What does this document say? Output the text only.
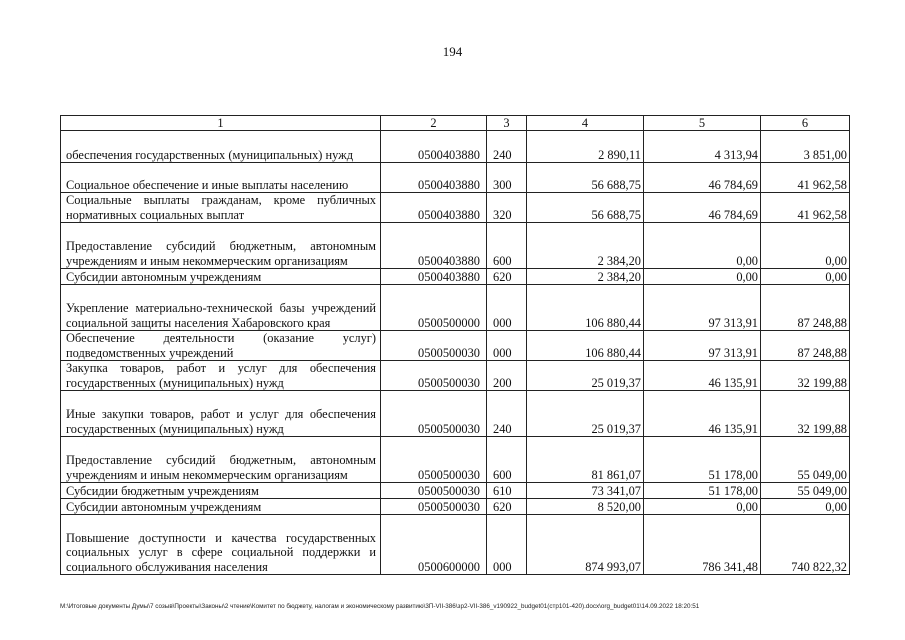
194
1	2	3	4	5	6
обеспечения государственных (муниципальных) нужд	0500403880	240	2 890,11	4 313,94	3 851,00
Социальное обеспечение и иные выплаты населению	0500403880	300	56 688,75	46 784,69	41 962,58
Социальные выплаты гражданам, кроме публичных нормативных социальных выплат	0500403880	320	56 688,75	46 784,69	41 962,58
Предоставление субсидий бюджетным, автономным учреждениям и иным некоммерческим организациям	0500403880	600	2 384,20	0,00	0,00
Субсидии автономным учреждениям	0500403880	620	2 384,20	0,00	0,00
Укрепление материально-технической базы учреждений социальной защиты населения Хабаровского края	0500500000	000	106 880,44	97 313,91	87 248,88
Обеспечение деятельности (оказание услуг) подведомственных учреждений	0500500030	000	106 880,44	97 313,91	87 248,88
Закупка товаров, работ и услуг для обеспечения государственных (муниципальных) нужд	0500500030	200	25 019,37	46 135,91	32 199,88
Иные закупки товаров, работ и услуг для обеспечения государственных (муниципальных) нужд	0500500030	240	25 019,37	46 135,91	32 199,88
Предоставление субсидий бюджетным, автономным учреждениям и иным некоммерческим организациям	0500500030	600	81 861,07	51 178,00	55 049,00
Субсидии бюджетным учреждениям	0500500030	610	73 341,07	51 178,00	55 049,00
Субсидии автономным учреждениям	0500500030	620	8 520,00	0,00	0,00
Повышение доступности и качества государственных социальных услуг в сфере социальной поддержки и социального обслуживания населения	0500600000	000	874 993,07	786 341,48	740 822,32
M:\Итоговые документы Думы\7 созыв\Проекты\Законы\2 чтение\Комитет по бюджету, налогам и экономическому развитию\3П-VII-386\зр2-VII-386_v190922_budget01(стр101-420).docx\org_budget01\14.09.2022 18:20:51
